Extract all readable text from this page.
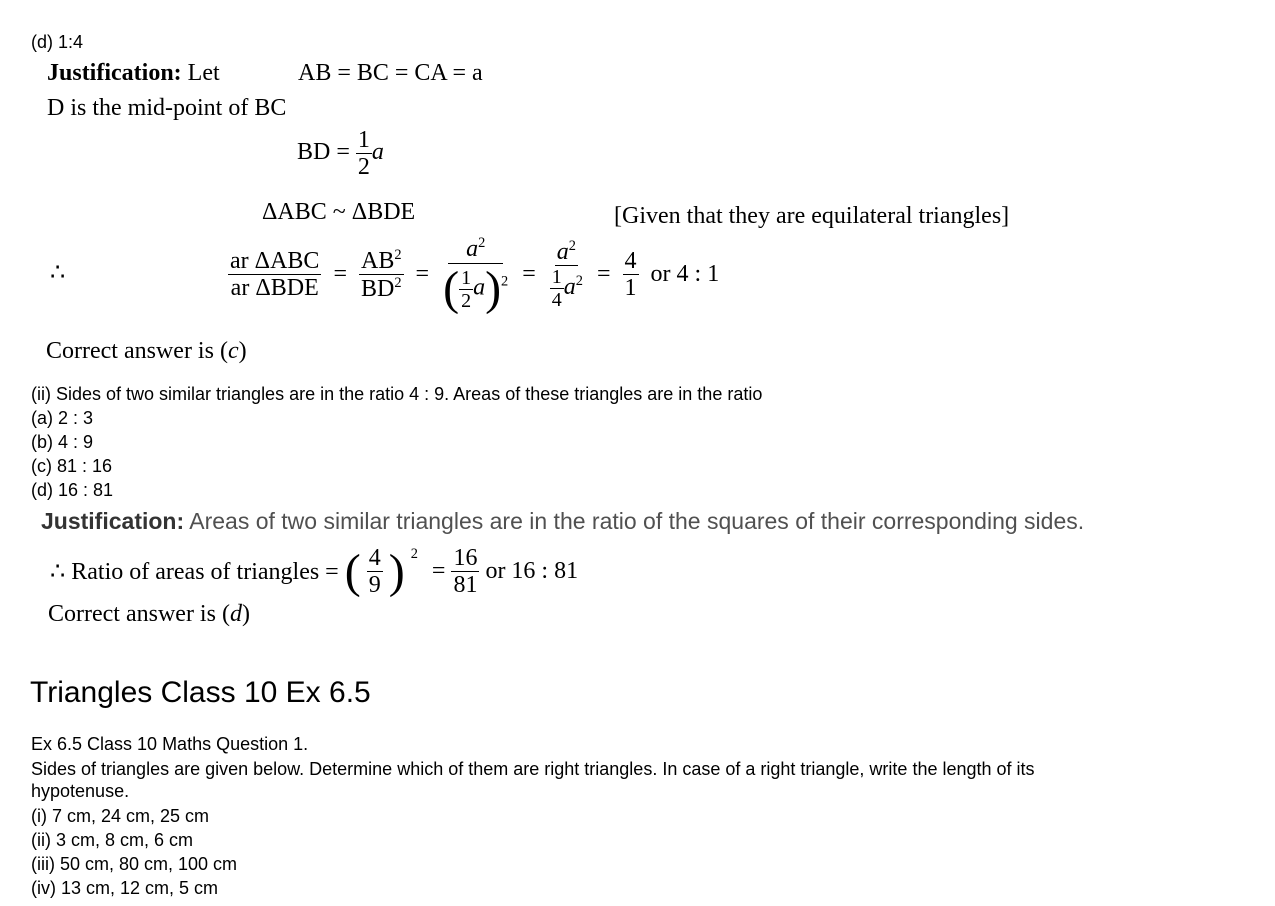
(d) 1:4
Justification: Let	AB = BC = CA = a
D is the mid-point of BC
BD = $\frac{1}{2}$ a
ΔABC ~ ΔBDE	[Given that they are equilateral triangles]
∴	$\frac{\text{ar ΔABC}}{\text{ar ΔBDE}} = \frac{AB^2}{BD^2} = \frac{a^2}{( \frac{1}{2} a)^2} = \frac{a^2}{\frac{1}{4} a^2} = \frac{4}{1}$ or 4 : 1
Correct answer is (c)
(ii) Sides of two similar triangles are in the ratio 4 : 9. Areas of these triangles are in the ratio
(a) 2 : 3
(b) 4 : 9
(c) 81 : 16
(d) 16 : 81
Justification: Areas of two similar triangles are in the ratio of the squares of their corresponding sides.
∴ Ratio of areas of triangles = ( $\frac{4}{9}$ ) $^2$
= $\frac{16}{81}$ or 16 : 81
Correct answer is (d)
Triangles Class 10 Ex 6.5
Ex 6.5 Class 10 Maths Question 1.
Sides of triangles are given below. Determine which of them are right triangles. In case of a right triangle, write the length of its
hypotenuse.
(i) 7 cm, 24 cm, 25 cm
(ii) 3 cm, 8 cm, 6 cm
(iii) 50 cm, 80 cm, 100 cm
(iv) 13 cm, 12 cm, 5 cm
